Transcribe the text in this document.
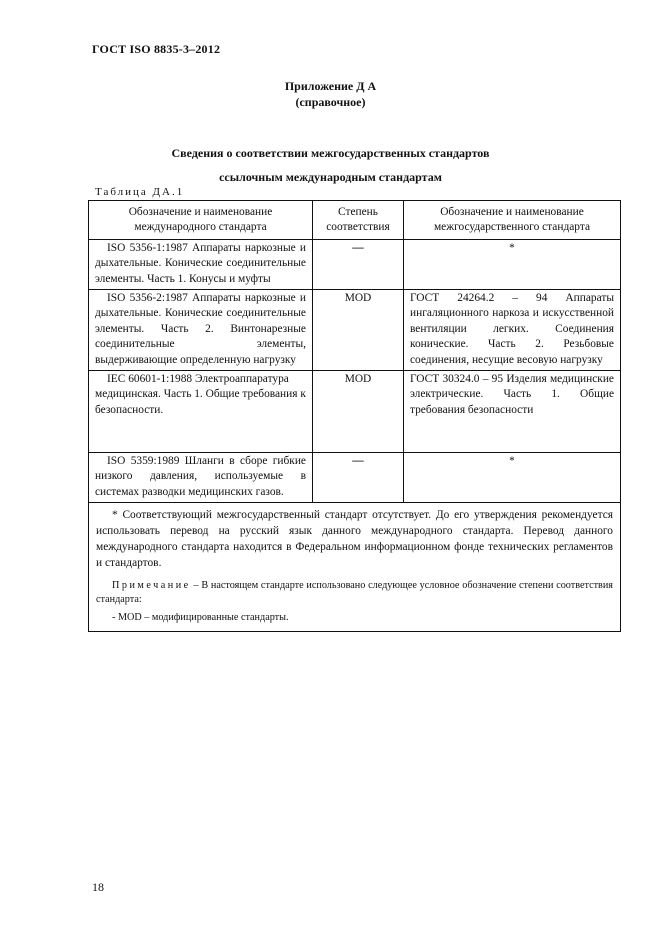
ГОСТ ISO 8835-3–2012
Приложение Д А
(справочное)
Сведения о соответствии межгосударственных стандартов
ссылочным международным стандартам
Таблица ДА.1
Обозначение и наименование международного стандарта	Степень соответствия	Обозначение и наименование межгосударственного стандарта
ISO 5356-1:1987 Аппараты наркозные и дыхательные. Конические соединительные элементы. Часть 1. Конусы и муфты	—	*
ISO 5356-2:1987 Аппараты наркозные и дыхательные. Конические соединительные элементы. Часть 2. Винтонарезные соединительные элементы, выдерживающие определенную нагрузку	MOD	ГОСТ 24264.2 – 94 Аппараты ингаляционного наркоза и искусственной вентиляции легких. Соединения конические. Часть 2. Резьбовые соединения, несущие весовую нагрузку
IEC 60601-1:1988 Электроаппаратура медицинская. Часть 1. Общие требования к безопасности.	MOD	ГОСТ 30324.0 – 95 Изделия медицинские электрические. Часть 1. Общие требования безопасности
ISO 5359:1989 Шланги в сборе гибкие низкого давления, используемые в системах разводки медицинских газов.	—	*

* Соответствующий межгосударственный стандарт отсутствует. До его утверждения рекомендуется использовать перевод на русский язык данного международного стандарта. Перевод данного международного стандарта находится в Федеральном информационном фонде технических регламентов и стандартов.

Примечание – В настоящем стандарте использовано следующее условное обозначение степени соответствия стандарта:

- MOD – модифицированные стандарты.		
18
